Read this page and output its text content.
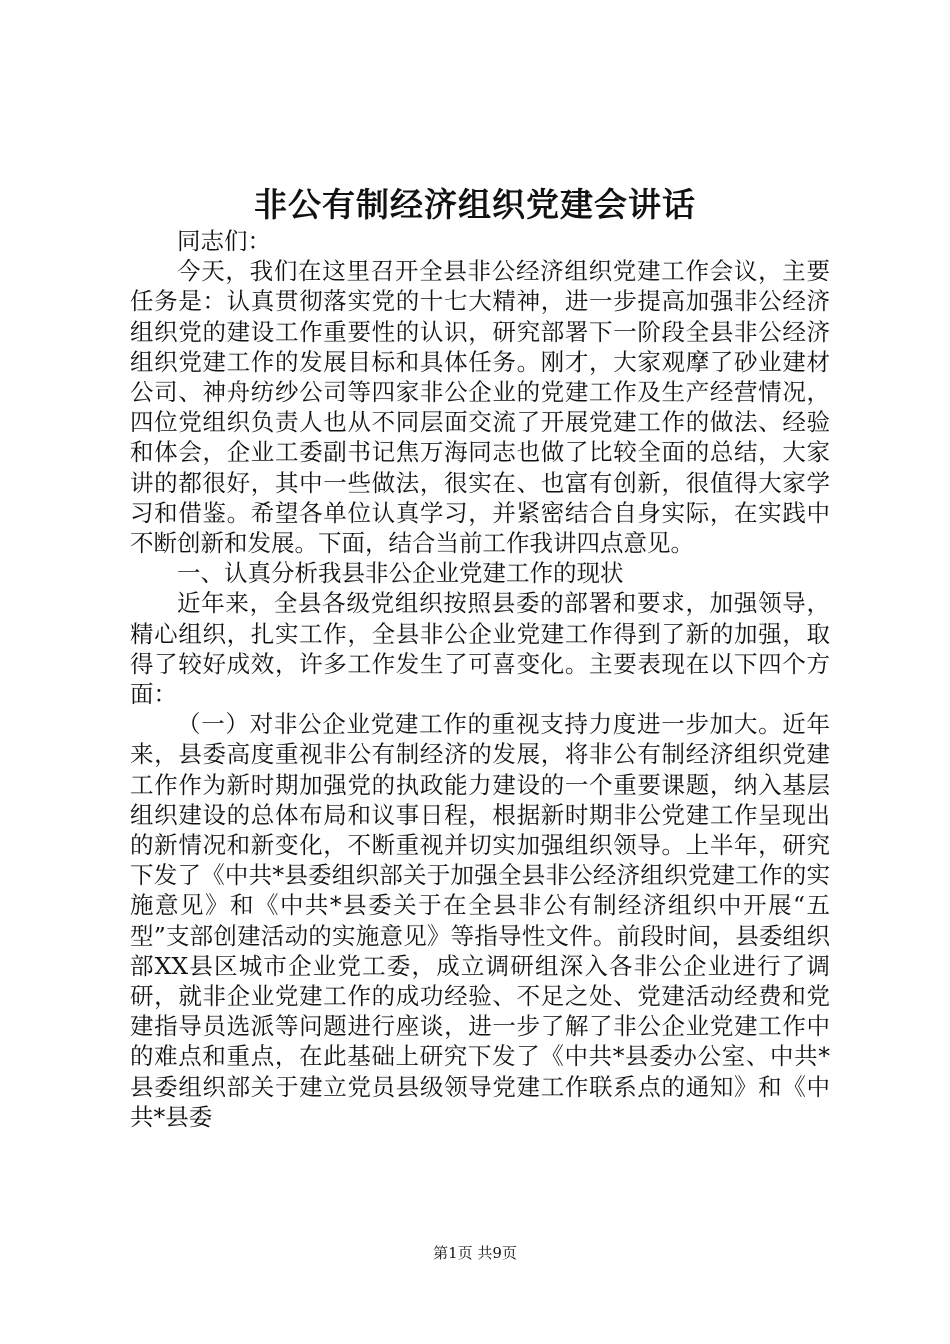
非公有制经济组织党建会讲话

同志们：

今天，我们在这里召开全县非公经济组织党建工作会议，主要任务是：认真贯彻落实党的十七大精神，进一步提高加强非公经济组织党的建设工作重要性的认识，研究部署下一阶段全县非公经济组织党建工作的发展目标和具体任务。刚才，大家观摩了砂业建材公司、神舟纺纱公司等四家非公企业的党建工作及生产经营情况，四位党组织负责人也从不同层面交流了开展党建工作的做法、经验和体会，企业工委副书记焦万海同志也做了比较全面的总结，大家讲的都很好，其中一些做法，很实在、也富有创新，很值得大家学习和借鉴。希望各单位认真学习，并紧密结合自身实际，在实践中不断创新和发展。下面，结合当前工作我讲四点意见。

一、认真分析我县非公企业党建工作的现状

近年来，全县各级党组织按照县委的部署和要求，加强领导，精心组织，扎实工作，全县非公企业党建工作得到了新的加强，取得了较好成效，许多工作发生了可喜变化。主要表现在以下四个方面：

（一）对非公企业党建工作的重视支持力度进一步加大。近年来，县委高度重视非公有制经济的发展，将非公有制经济组织党建工作作为新时期加强党的执政能力建设的一个重要课题，纳入基层组织建设的总体布局和议事日程，根据新时期非公党建工作呈现出的新情况和新变化，不断重视并切实加强组织领导。上半年，研究下发了《中共*县委组织部关于加强全县非公经济组织党建工作的实施意见》和《中共*县委关于在全县非公有制经济组织中开展“五型”支部创建活动的实施意见》等指导性文件。前段时间，县委组织部XX县区城市企业党工委，成立调研组深入各非公企业进行了调研，就非企业党建工作的成功经验、不足之处、党建活动经费和党建指导员选派等问题进行座谈，进一步了解了非公企业党建工作中的难点和重点，在此基础上研究下发了《中共*县委办公室、中共*县委组织部关于建立党员县级领导党建工作联系点的通知》和《中共*县委

第1页 共9页
